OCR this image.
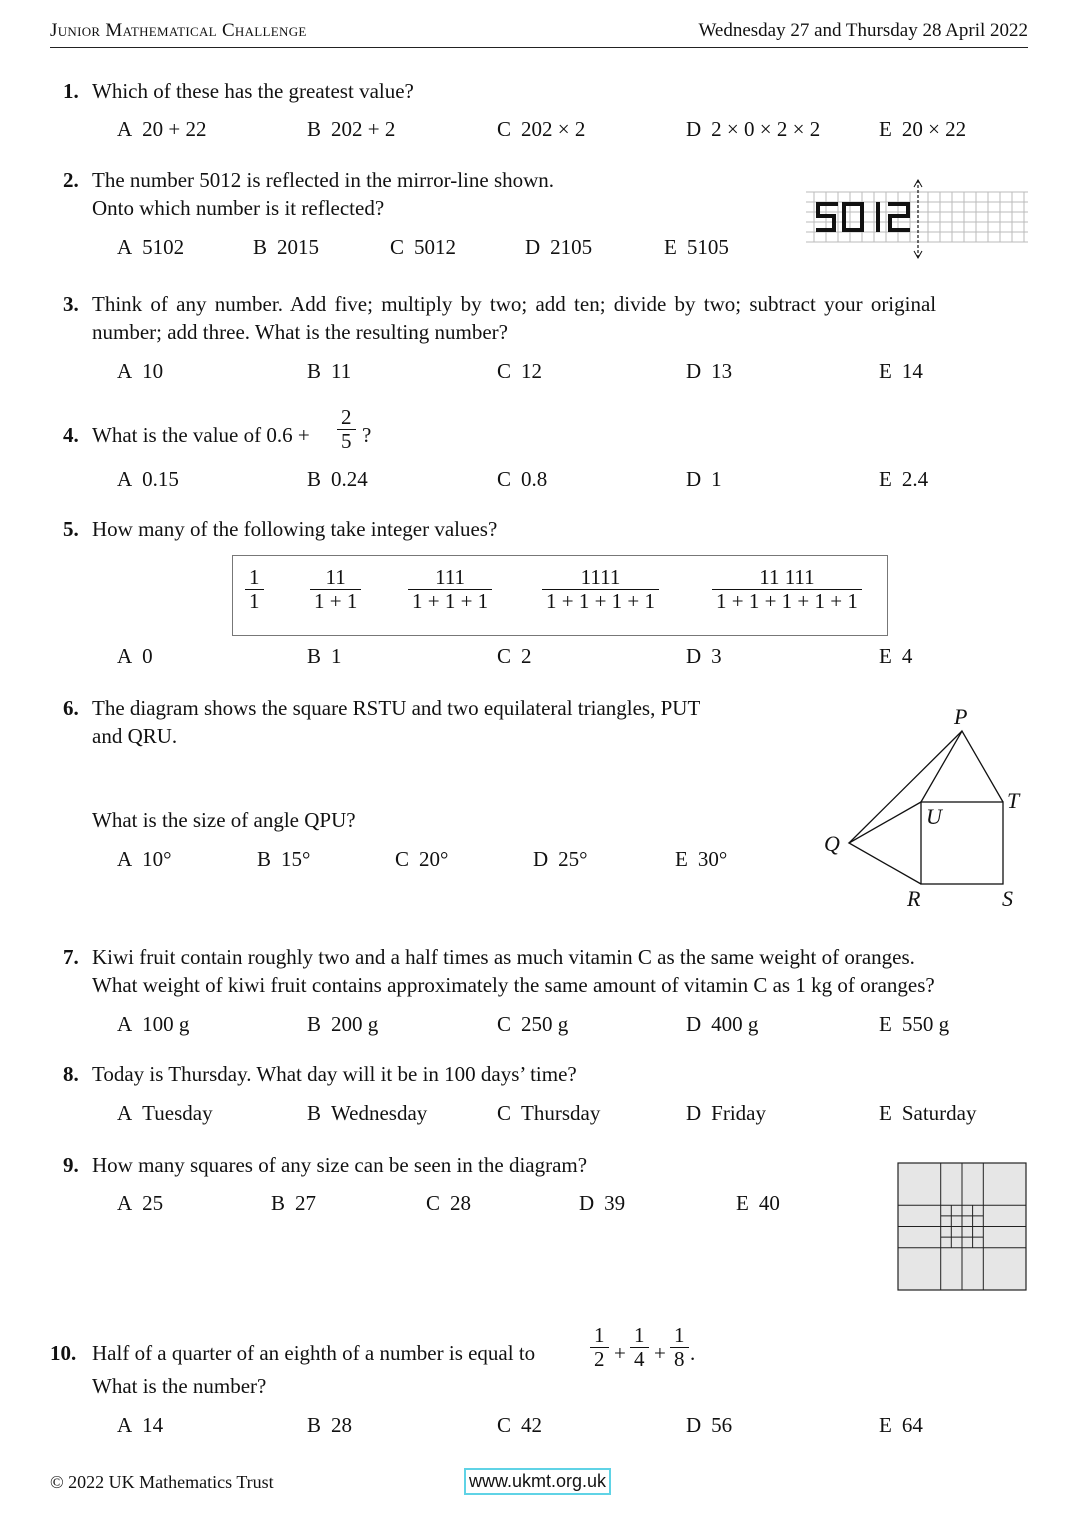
Junior Mathematical Challenge	Wednesday 27 and Thursday 28 April 2022
1. Which of these has the greatest value?
A 20 + 22	B 202 + 2	C 202 × 2	D 2 × 0 × 2 × 2	E 20 × 22
2. The number 5012 is reflected in the mirror-line shown.
Onto which number is it reflected?
A 5102	B 2015	C 5012	D 2105	E 5105
3. Think of any number. Add five; multiply by two; add ten; divide by two; subtract your original
number; add three. What is the resulting number?
A 10	B 11	C 12	D 13	E 14
4. What is the value of $0.6 + \frac{2}{5}$ ?
A 0.15	B 0.24	C 0.8	D 1	E 2.4
5. How many of the following take integer values?
$\frac{1}{1} \frac{11}{1 + 1} \frac{111}{1 + 1 + 1} \frac{1111}{1 + 1 + 1 + 1}$	$\frac{11 111}{1 + 1 + 1 + 1 + 1}$
A 0	B 1	C 2	D 3	E 4
6. The diagram shows the square RSTU and two equilateral triangles, PUT
and QRU.
What is the size of angle QPU?
A 10°	B 15°	C 20°	D 25°	E 30°
P
T
U
Q
R	S
7. Kiwi fruit contain roughly two and a half times as much vitamin C as the same weight of oranges.
What weight of kiwi fruit contains approximately the same amount of vitamin C as 1 kg of oranges?
A 100 g	B 200 g	C 250 g	D 400 g	E 550 g
8. Today is Thursday. What day will it be in 100 days’ time?
A Tuesday	B Wednesday	C Thursday	D Friday	E Saturday
9. How many squares of any size can be seen in the diagram?
A 25	B 27	C 28	D 39	E 40
10. Half of a quarter of an eighth of a number is equal to	$\frac{1}{2} + \frac{1}{4} + \frac{1}{8}$ .
What is the number?
A 14	B 28	C 42	D 56	E 64
© 2022 UK Mathematics Trust	www.ukmt.org.uk
